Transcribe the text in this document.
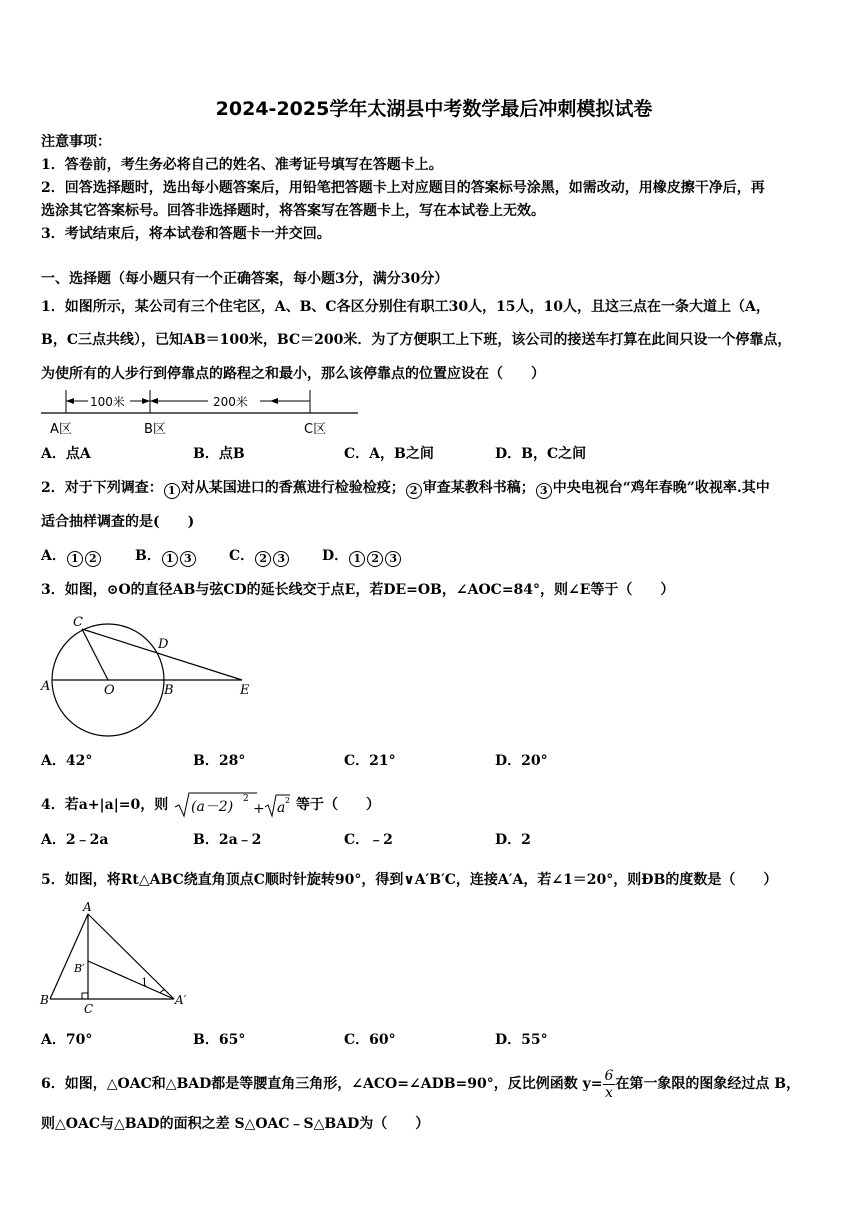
2024-2025学年太湖县中考数学最后冲刺模拟试卷
注意事项：
1．答卷前，考生务必将自己的姓名、准考证号填写在答题卡上。
2．回答选择题时，选出每小题答案后，用铅笔把答题卡上对应题目的答案标号涂黑，如需改动，用橡皮擦干净后，再
选涂其它答案标号。回答非选择题时，将答案写在答题卡上，写在本试卷上无效。
3．考试结束后，将本试卷和答题卡一并交回。
一、选择题（每小题只有一个正确答案，每小题3分，满分30分）
1．如图所示，某公司有三个住宅区，A、B、C各区分别住有职工30人，15人，10人，且这三点在一条大道上（A，
B，C三点共线），已知AB＝100米，BC＝200米．为了方便职工上下班，该公司的接送车打算在此间只设一个停靠点，
为使所有的人步行到停靠点的路程之和最小，那么该停靠点的位置应设在（　　）
100米	200米
A区	B区	C区
A．点A	B．点B	C．A，B之间	D．B，C之间
2．对于下列调查： 1 对从某国进口的香蕉进行检验检疫； 2 审查某教科书稿； 3 中央电视台“鸡年春晚”收视率.其中
适合抽样调查的是(　　)
A． 1 2	B． 1 3	C． 2 3	D． 1 2 3
3．如图，⊙O的直径AB与弦CD的延长线交于点E，若DE=OB，∠AOC=84°，则∠E等于（　　）
A	O	B
C
D
E
A．42°	B．28°	C．21°	D．20°
4．若a+|a|=0，则 (a－2) 2
+ a 2 等于（　　）
A．2﹣2a	B．2a﹣2	C．﹣2	D．2
5．如图，将Rt△ABC绕直角顶点C顺时针旋转90°，得到∨A′B′C，连接A′A，若∠1＝20°，则ÐB的度数是（　　）
A
B
C
B′
A′
1
A．70°	B．65°	C．60°	D．55°
6．如图，△OAC和△BAD都是等腰直角三角形，∠ACO=∠ADB=90°，反比例函数 $y= \frac{6}{x}$ 在第一象限的图象经过点 B，
则△OAC与△BAD的面积之差 S△OAC﹣S△BAD为（　　）
